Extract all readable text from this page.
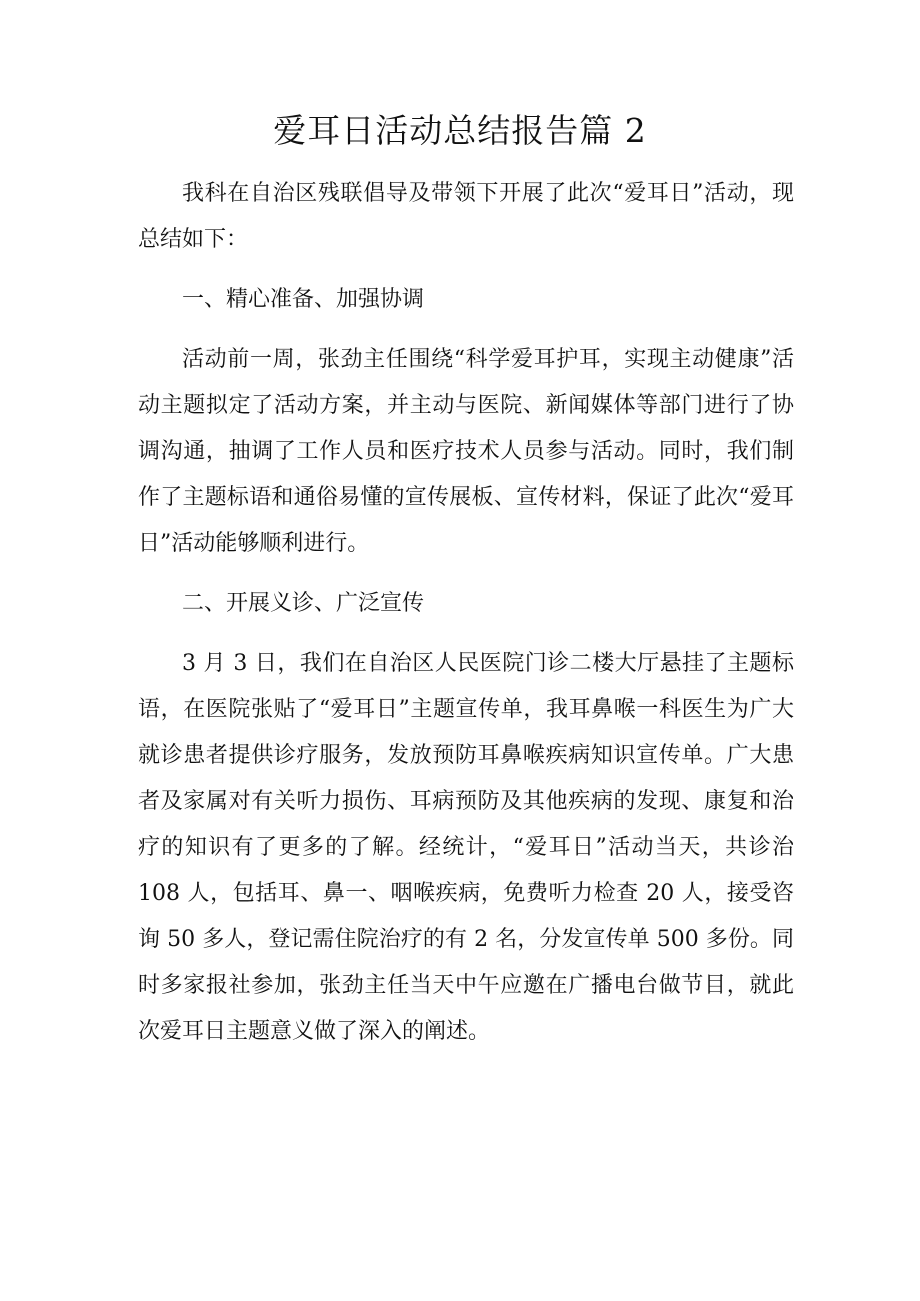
爱耳日活动总结报告篇 2

我科在自治区残联倡导及带领下开展了此次“爱耳日”活动，现总结如下：

一、精心准备、加强协调

活动前一周，张劲主任围绕“科学爱耳护耳，实现主动健康”活动主题拟定了活动方案，并主动与医院、新闻媒体等部门进行了协调沟通，抽调了工作人员和医疗技术人员参与活动。同时，我们制作了主题标语和通俗易懂的宣传展板、宣传材料，保证了此次“爱耳日”活动能够顺利进行。

二、开展义诊、广泛宣传

3 月 3 日，我们在自治区人民医院门诊二楼大厅悬挂了主题标语，在医院张贴了“爱耳日”主题宣传单，我耳鼻喉一科医生为广大就诊患者提供诊疗服务，发放预防耳鼻喉疾病知识宣传单。广大患者及家属对有关听力损伤、耳病预防及其他疾病的发现、康复和治疗的知识有了更多的了解。经统计，“爱耳日”活动当天，共诊治 108 人，包括耳、鼻一、咽喉疾病，免费听力检查 20 人，接受咨询 50 多人，登记需住院治疗的有 2 名，分发宣传单 500 多份。同时多家报社参加，张劲主任当天中午应邀在广播电台做节目，就此次爱耳日主题意义做了深入的阐述。
